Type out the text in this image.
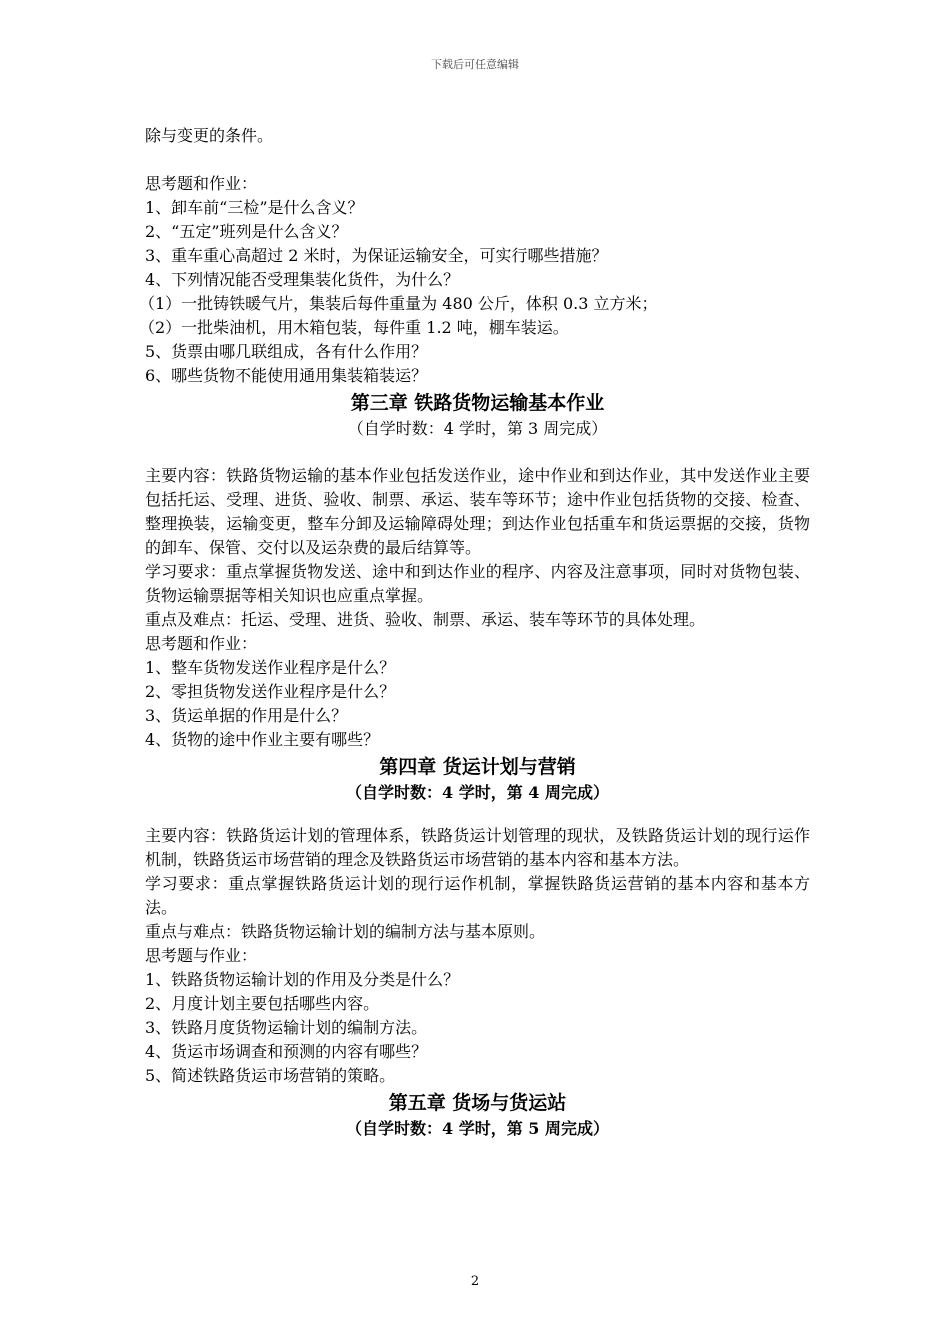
下载后可任意编辑
除与变更的条件。
思考题和作业：
1、卸车前“三检”是什么含义？
2、“五定”班列是什么含义？
3、重车重心高超过 2 米时，为保证运输安全，可实行哪些措施？
4、下列情况能否受理集装化货件，为什么？
（1）一批铸铁暖气片，集装后每件重量为 480 公斤，体积 0.3 立方米；
（2）一批柴油机，用木箱包装，每件重 1.2 吨，棚车装运。
5、货票由哪几联组成，各有什么作用？
6、哪些货物不能使用通用集装箱装运？
第三章 铁路货物运输基本作业
（自学时数：4 学时，第 3 周完成）
主要内容：铁路货物运输的基本作业包括发送作业，途中作业和到达作业，其中发送作业主要包括托运、受理、进货、验收、制票、承运、装车等环节；途中作业包括货物的交接、检查、整理换装，运输变更，整车分卸及运输障碍处理；到达作业包括重车和货运票据的交接，货物的卸车、保管、交付以及运杂费的最后结算等。
学习要求：重点掌握货物发送、途中和到达作业的程序、内容及注意事项，同时对货物包装、货物运输票据等相关知识也应重点掌握。
重点及难点：托运、受理、进货、验收、制票、承运、装车等环节的具体处理。
思考题和作业：
1、整车货物发送作业程序是什么？
2、零担货物发送作业程序是什么？
3、货运单据的作用是什么？
4、货物的途中作业主要有哪些？
第四章 货运计划与营销
（自学时数：4 学时，第 4 周完成）
主要内容：铁路货运计划的管理体系，铁路货运计划管理的现状，及铁路货运计划的现行运作机制，铁路货运市场营销的理念及铁路货运市场营销的基本内容和基本方法。
学习要求：重点掌握铁路货运计划的现行运作机制，掌握铁路货运营销的基本内容和基本方法。
重点与难点：铁路货物运输计划的编制方法与基本原则。
思考题与作业：
1、铁路货物运输计划的作用及分类是什么？
2、月度计划主要包括哪些内容。
3、铁路月度货物运输计划的编制方法。
4、货运市场调查和预测的内容有哪些？
5、简述铁路货运市场营销的策略。
第五章 货场与货运站
（自学时数：4 学时，第 5 周完成）
2
